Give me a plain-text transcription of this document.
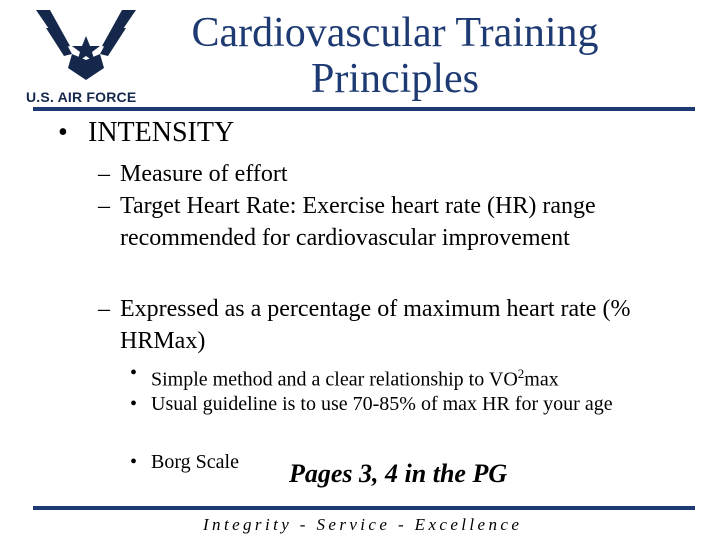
U.S. AIR FORCE
Cardiovascular Training
Principles
• INTENSITY
– Measure of effort
– Target Heart Rate: Exercise heart rate (HR) range recommended for cardiovascular improvement
– Expressed as a percentage of maximum heart rate (% HRMax)
• Simple method and a clear relationship to $VO^2\max$
• Usual guideline is to use 70-85% of max HR for your age
• Borg Scale	Pages 3, 4 in the PG
Integrity - Service - Excellence
